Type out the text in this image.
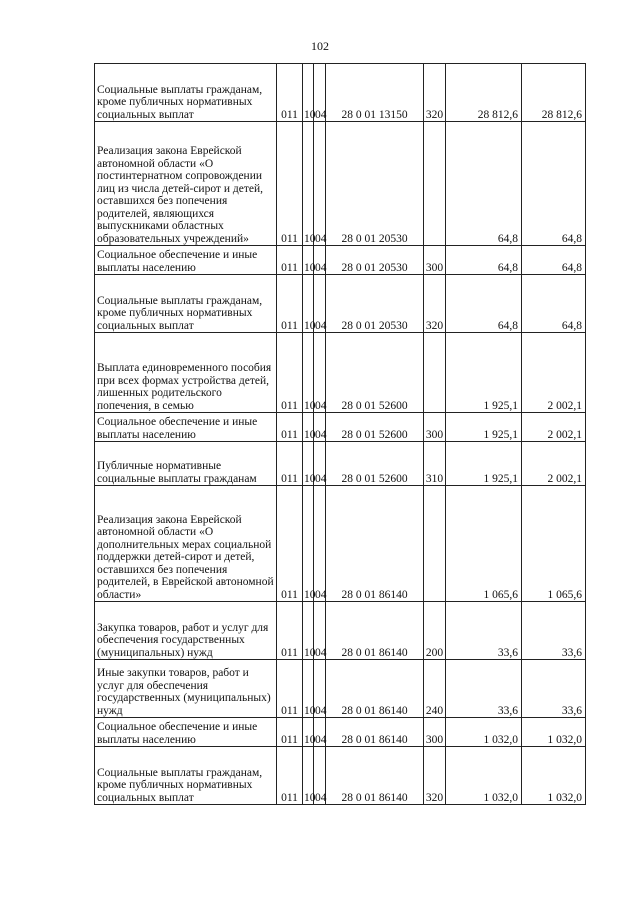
102
Социальные выплаты гражданам, кроме публичных нормативных социальных выплат	011	10	04	28 0 01 13150	320	28 812,6	28 812,6
Реализация закона Еврейской автономной области «О постинтернатном сопровождении лиц из числа детей-сирот и детей, оставшихся без попечения родителей, являющихся выпускниками областных образовательных учреждений»	011	10	04	28 0 01 20530		64,8	64,8
Социальное обеспечение и иные выплаты населению	011	10	04	28 0 01 20530	300	64,8	64,8
Социальные выплаты гражданам, кроме публичных нормативных социальных выплат	011	10	04	28 0 01 20530	320	64,8	64,8
Выплата единовременного пособия при всех формах устройства детей, лишенных родительского попечения, в семью	011	10	04	28 0 01 52600		1 925,1	2 002,1
Социальное обеспечение и иные выплаты населению	011	10	04	28 0 01 52600	300	1 925,1	2 002,1
Публичные нормативные социальные выплаты гражданам	011	10	04	28 0 01 52600	310	1 925,1	2 002,1
Реализация закона Еврейской автономной области «О дополнительных мерах социальной поддержки детей-сирот и детей, оставшихся без попечения родителей, в Еврейской автономной области»	011	10	04	28 0 01 86140		1 065,6	1 065,6
Закупка товаров, работ и услуг для обеспечения государственных (муниципальных) нужд	011	10	04	28 0 01 86140	200	33,6	33,6
Иные закупки товаров, работ и услуг для обеспечения государственных (муниципальных) нужд	011	10	04	28 0 01 86140	240	33,6	33,6
Социальное обеспечение и иные выплаты населению	011	10	04	28 0 01 86140	300	1 032,0	1 032,0
Социальные выплаты гражданам, кроме публичных нормативных социальных выплат	011	10	04	28 0 01 86140	320	1 032,0	1 032,0
